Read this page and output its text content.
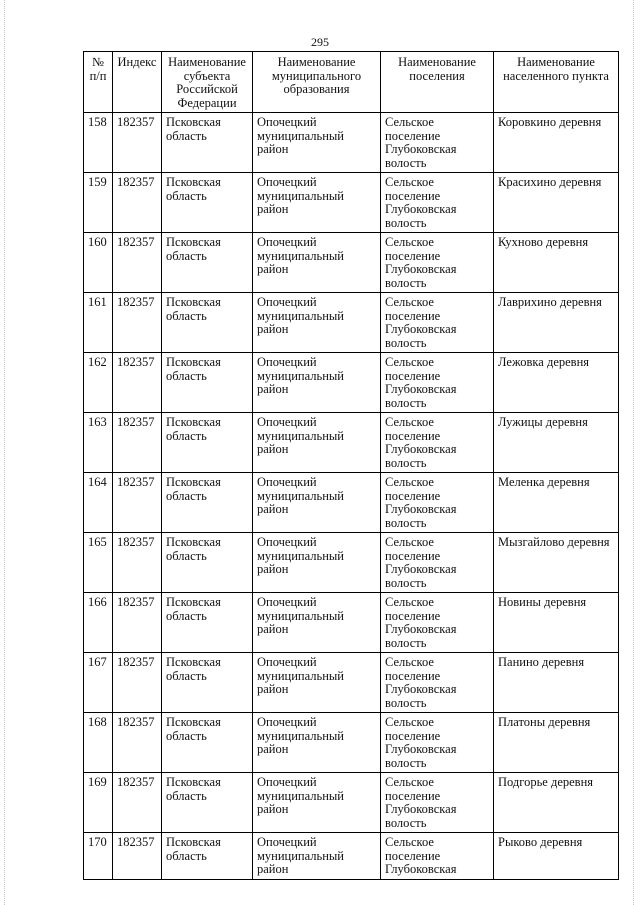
295
№ п/п	Индекс	Наименование субъекта Российской Федерации	Наименование муниципального образования	Наименование поселения	Наименование населенного пункта
158	182357	Псковская область	Опочецкий муниципальный район	Сельское поселение Глубоковская волость	Коровкино деревня
159	182357	Псковская область	Опочецкий муниципальный район	Сельское поселение Глубоковская волость	Красихино деревня
160	182357	Псковская область	Опочецкий муниципальный район	Сельское поселение Глубоковская волость	Кухново деревня
161	182357	Псковская область	Опочецкий муниципальный район	Сельское поселение Глубоковская волость	Лаврихино деревня
162	182357	Псковская область	Опочецкий муниципальный район	Сельское поселение Глубоковская волость	Лежовка деревня
163	182357	Псковская область	Опочецкий муниципальный район	Сельское поселение Глубоковская волость	Лужицы деревня
164	182357	Псковская область	Опочецкий муниципальный район	Сельское поселение Глубоковская волость	Меленка деревня
165	182357	Псковская область	Опочецкий муниципальный район	Сельское поселение Глубоковская волость	Мызгайлово деревня
166	182357	Псковская область	Опочецкий муниципальный район	Сельское поселение Глубоковская волость	Новины деревня
167	182357	Псковская область	Опочецкий муниципальный район	Сельское поселение Глубоковская волость	Панино деревня
168	182357	Псковская область	Опочецкий муниципальный район	Сельское поселение Глубоковская волость	Платоны деревня
169	182357	Псковская область	Опочецкий муниципальный район	Сельское поселение Глубоковская волость	Подгорье деревня
170	182357	Псковская область	Опочецкий муниципальный район	Сельское поселение Глубоковская	Рыково деревня
